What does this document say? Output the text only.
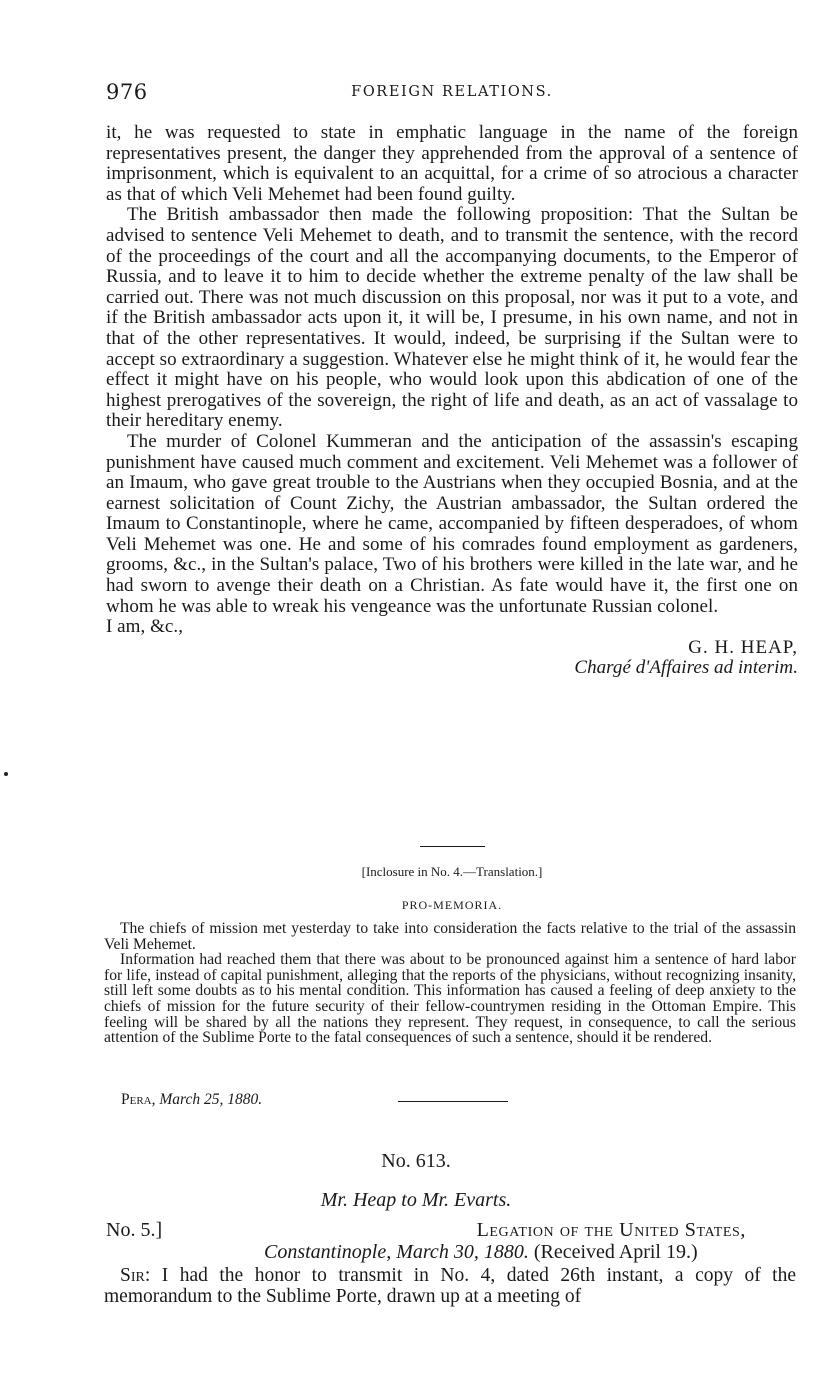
976	FOREIGN RELATIONS.

it, he was requested to state in emphatic language in the name of the foreign representatives present, the danger they apprehended from the approval of a sentence of imprisonment, which is equivalent to an acquittal, for a crime of so atrocious a character as that of which Veli Mehemet had been found guilty.

The British ambassador then made the following proposition: That the Sultan be advised to sentence Veli Mehemet to death, and to transmit the sentence, with the record of the proceedings of the court and all the accompanying documents, to the Emperor of Russia, and to leave it to him to decide whether the extreme penalty of the law shall be carried out. There was not much discussion on this proposal, nor was it put to a vote, and if the British ambassador acts upon it, it will be, I presume, in his own name, and not in that of the other representatives. It would, indeed, be surprising if the Sultan were to accept so extraordinary a suggestion. Whatever else he might think of it, he would fear the effect it might have on his people, who would look upon this abdication of one of the highest prerogatives of the sovereign, the right of life and death, as an act of vassalage to their hereditary enemy.

The murder of Colonel Kummeran and the anticipation of the assassin's escaping punishment have caused much comment and excitement. Veli Mehemet was a follower of an Imaum, who gave great trouble to the Austrians when they occupied Bosnia, and at the earnest solicitation of Count Zichy, the Austrian ambassador, the Sultan ordered the Imaum to Constantinople, where he came, accompanied by fifteen desperadoes, of whom Veli Mehemet was one. He and some of his comrades found employment as gardeners, grooms, &c., in the Sultan's palace, Two of his brothers were killed in the late war, and he had sworn to avenge their death on a Christian. As fate would have it, the first one on whom he was able to wreak his vengeance was the unfortunate Russian colonel.

I am, &c.,

G. H. HEAP,

Chargé d'Affaires ad interim.

[Inclosure in No. 4.—Translation.]
PRO-MEMORIA.

The chiefs of mission met yesterday to take into consideration the facts relative to the trial of the assassin Veli Mehemet.

Information had reached them that there was about to be pronounced against him a sentence of hard labor for life, instead of capital punishment, alleging that the reports of the physicians, without recognizing insanity, still left some doubts as to his mental condition. This information has caused a feeling of deep anxiety to the chiefs of mission for the future security of their fellow-countrymen residing in the Ottoman Empire. This feeling will be shared by all the nations they represent. They request, in consequence, to call the serious attention of the Sublime Porte to the fatal consequences of such a sentence, should it be rendered.

Pera, March 25, 1880.
No. 613.
Mr. Heap to Mr. Evarts.
No. 5.]	Legation of the United States,
Constantinople, March 30, 1880. (Received April 19.)

Sir: I had the honor to transmit in No. 4, dated 26th instant, a copy of the memorandum to the Sublime Porte, drawn up at a meeting of
